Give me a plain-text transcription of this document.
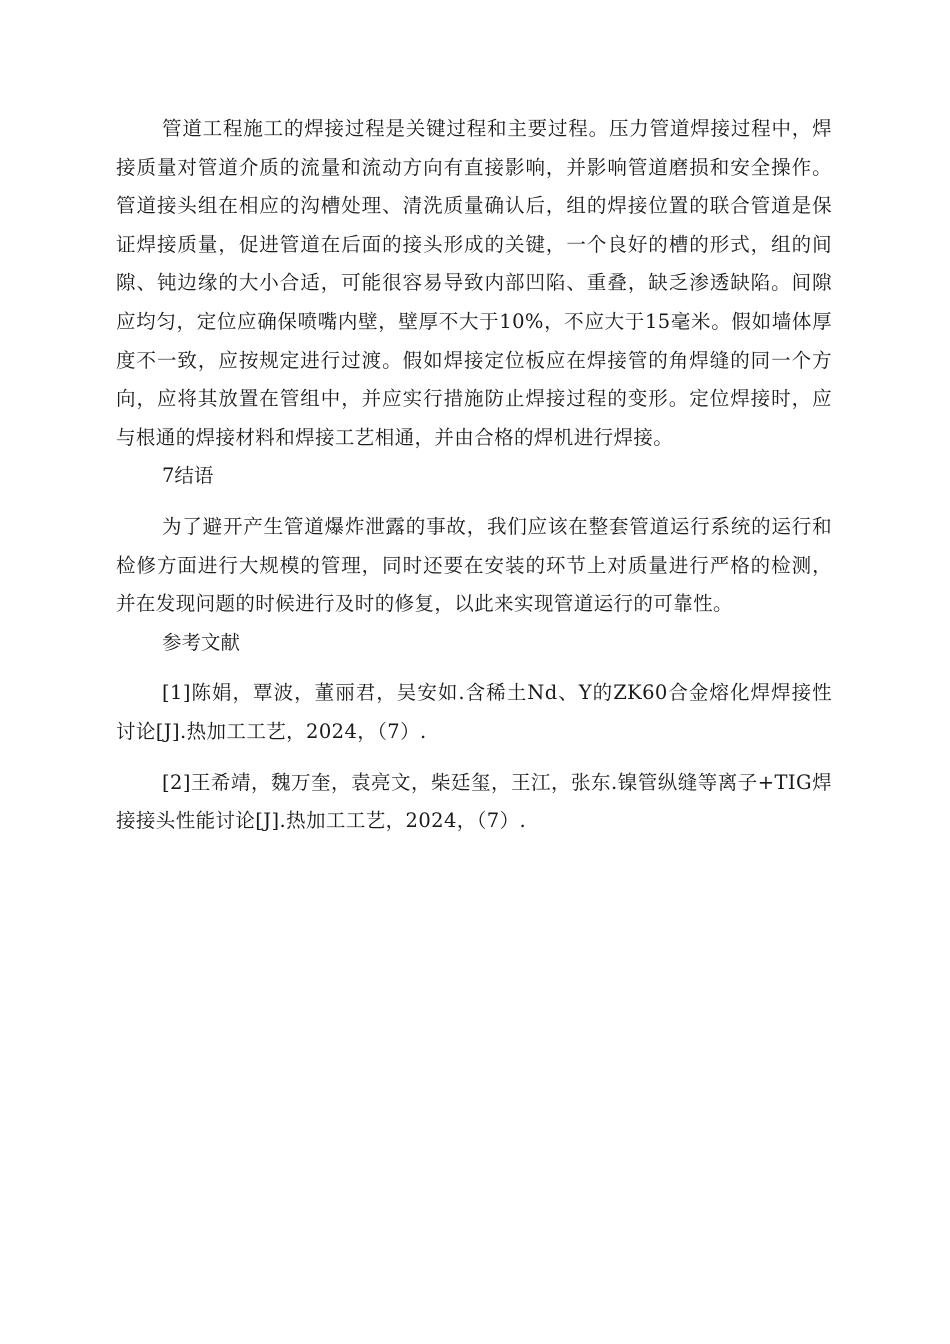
管道工程施工的焊接过程是关键过程和主要过程。压力管道焊接过程中，焊接质量对管道介质的流量和流动方向有直接影响，并影响管道磨损和安全操作。管道接头组在相应的沟槽处理、清洗质量确认后，组的焊接位置的联合管道是保证焊接质量，促进管道在后面的接头形成的关键，一个良好的槽的形式，组的间隙、钝边缘的大小合适，可能很容易导致内部凹陷、重叠，缺乏渗透缺陷。间隙应均匀，定位应确保喷嘴内壁，壁厚不大于10%，不应大于15毫米。假如墙体厚度不一致，应按规定进行过渡。假如焊接定位板应在焊接管的角焊缝的同一个方向，应将其放置在管组中，并应实行措施防止焊接过程的变形。定位焊接时，应与根通的焊接材料和焊接工艺相通，并由合格的焊机进行焊接。

7结语

为了避开产生管道爆炸泄露的事故，我们应该在整套管道运行系统的运行和检修方面进行大规模的管理，同时还要在安装的环节上对质量进行严格的检测，并在发现问题的时候进行及时的修复，以此来实现管道运行的可靠性。

参考文献

[1]陈娟，覃波，董丽君，吴安如.含稀土Nd、Y的ZK60合金熔化焊焊接性讨论[J].热加工工艺，2024，（7）.

[2]王希靖，魏万奎，袁亮文，柴廷玺，王江，张东.镍管纵缝等离子+TIG焊接接头性能讨论[J].热加工工艺，2024，（7）.
